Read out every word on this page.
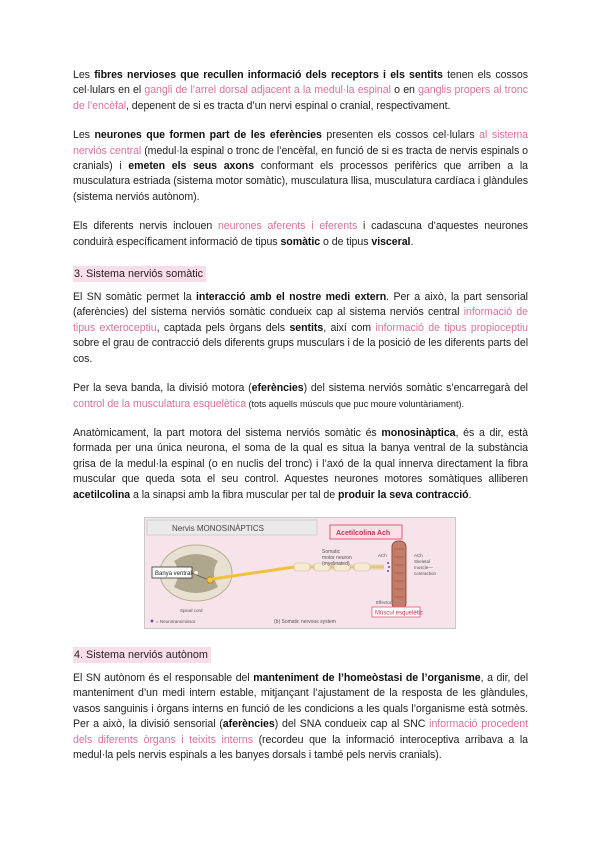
Les fibres nervioses que recullen informació dels receptors i els sentits tenen els cossos cel·lulars en el gangli de l’arrel dorsal adjacent a la medul·la espinal o en ganglis propers al tronc de l’encèfal, depenent de si es tracta d’un nervi espinal o cranial, respectivament.

Les neurones que formen part de les eferències presenten els cossos cel·lulars al sistema nerviós central (medul·la espinal o tronc de l’encèfal, en funció de si es tracta de nervis espinals o cranials) i emeten els seus axons conformant els processos perifèrics que arriben a la musculatura estriada (sistema motor somàtic), musculatura llisa, musculatura cardíaca i glàndules (sistema nerviós autònom).

Els diferents nervis inclouen neurones aferents i eferents i cadascuna d’aquestes neurones conduirà específicament informació de tipus somàtic o de tipus visceral.

3. Sistema nerviós somàtic

El SN somàtic permet la interacció amb el nostre medi extern. Per a això, la part sensorial (aferències) del sistema nerviós somàtic condueix cap al sistema nerviós central informació de tipus exteroceptiu, captada pels òrgans dels sentits, així com informació de tipus propioceptiu sobre el grau de contracció dels diferents grups musculars i de la posició de les diferents parts del cos.

Per la seva banda, la divisió motora (eferències) del sistema nerviós somàtic s’encarregarà del control de la musculatura esquelètica (tots aquells músculs que puc moure voluntàriament).

Anatòmicament, la part motora del sistema nerviós somàtic és monosinàptica, és a dir, està formada per una única neurona, el soma de la qual es situa la banya ventral de la substància grisa de la medul·la espinal (o en nuclis del tronc) i l’axó de la qual innerva directament la fibra muscular que queda sota el seu control. Aquestes neurones motores somàtiques alliberen acetilcolina a la sinapsi amb la fibra muscular per tal de produir la seva contracció.

Nervis MONOSINÀPTICS
Acetilcolina Ach
Somatic
motor neuron
(myelinated)
ACh	ACh
Skeletal
muscle—
contraction
Banya ventral
Spinal cord
Effector
Múscul esquelètic
= Neurotransmissor	(b) Somatic nervous system
4. Sistema nerviós autònom

El SN autònom és el responsable del manteniment de l’homeòstasi de l’organisme, a dir, del manteniment d’un medi intern estable, mitjançant l’ajustament de la resposta de les glàndules, vasos sanguinis i òrgans interns en funció de les condicions a les quals l’organisme està sotmès. Per a això, la divisió sensorial (aferències) del SNA condueix cap al SNC informació procedent dels diferents òrgans i teixits interns (recordeu que la informació interoceptiva arribava a la medul·la pels nervis espinals a les banyes dorsals i també pels nervis cranials).
